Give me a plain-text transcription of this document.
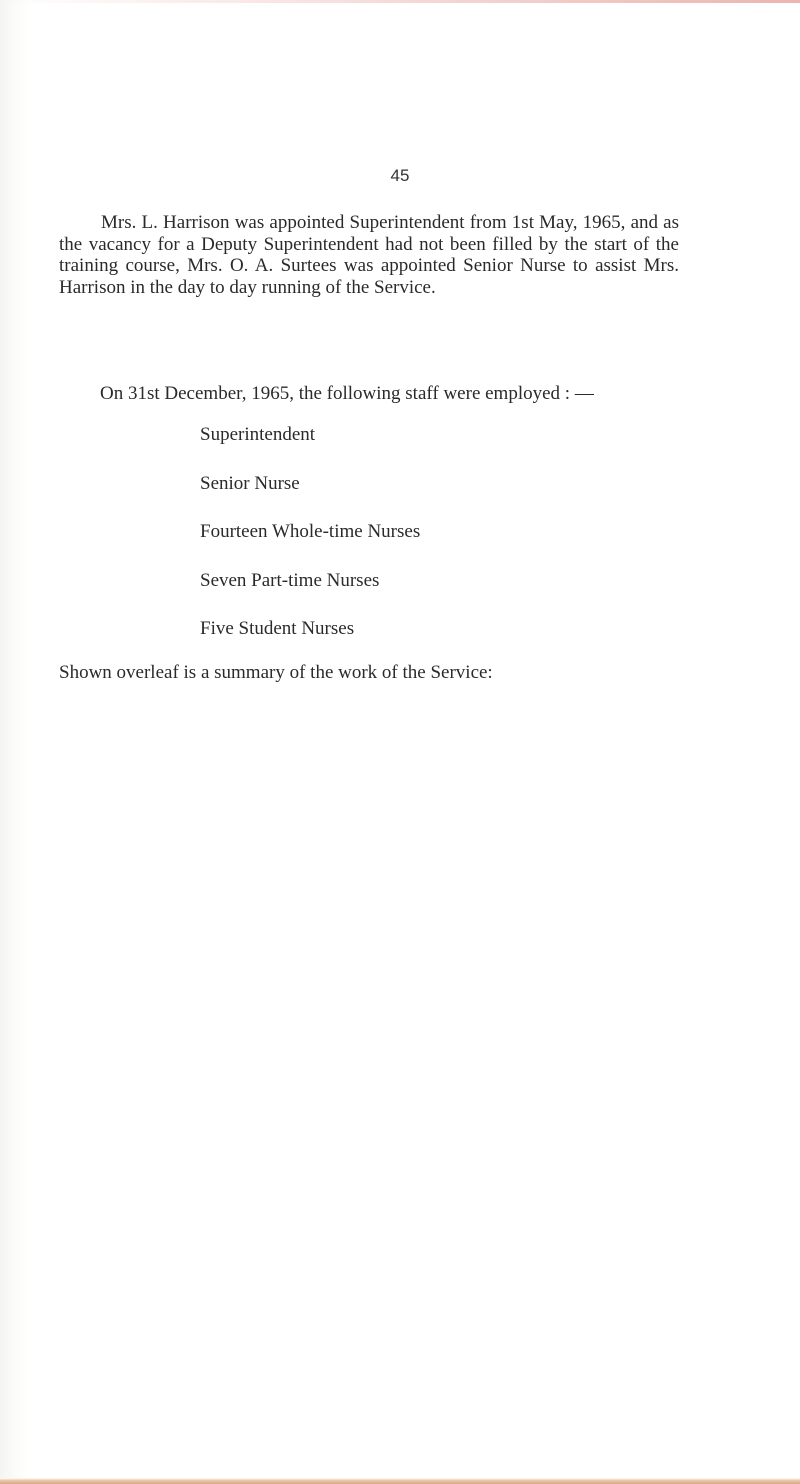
45

Mrs. L. Harrison was appointed Superintendent from 1st May, 1965, and as the vacancy for a Deputy Superintendent had not been filled by the start of the training course, Mrs. O. A. Surtees was appointed Senior Nurse to assist Mrs. Harrison in the day to day running of the Service.

On 31st December, 1965, the following staff were employed : —

Superintendent
Senior Nurse
Fourteen Whole-time Nurses
Seven Part-time Nurses
Five Student Nurses

Shown overleaf is a summary of the work of the Service:
